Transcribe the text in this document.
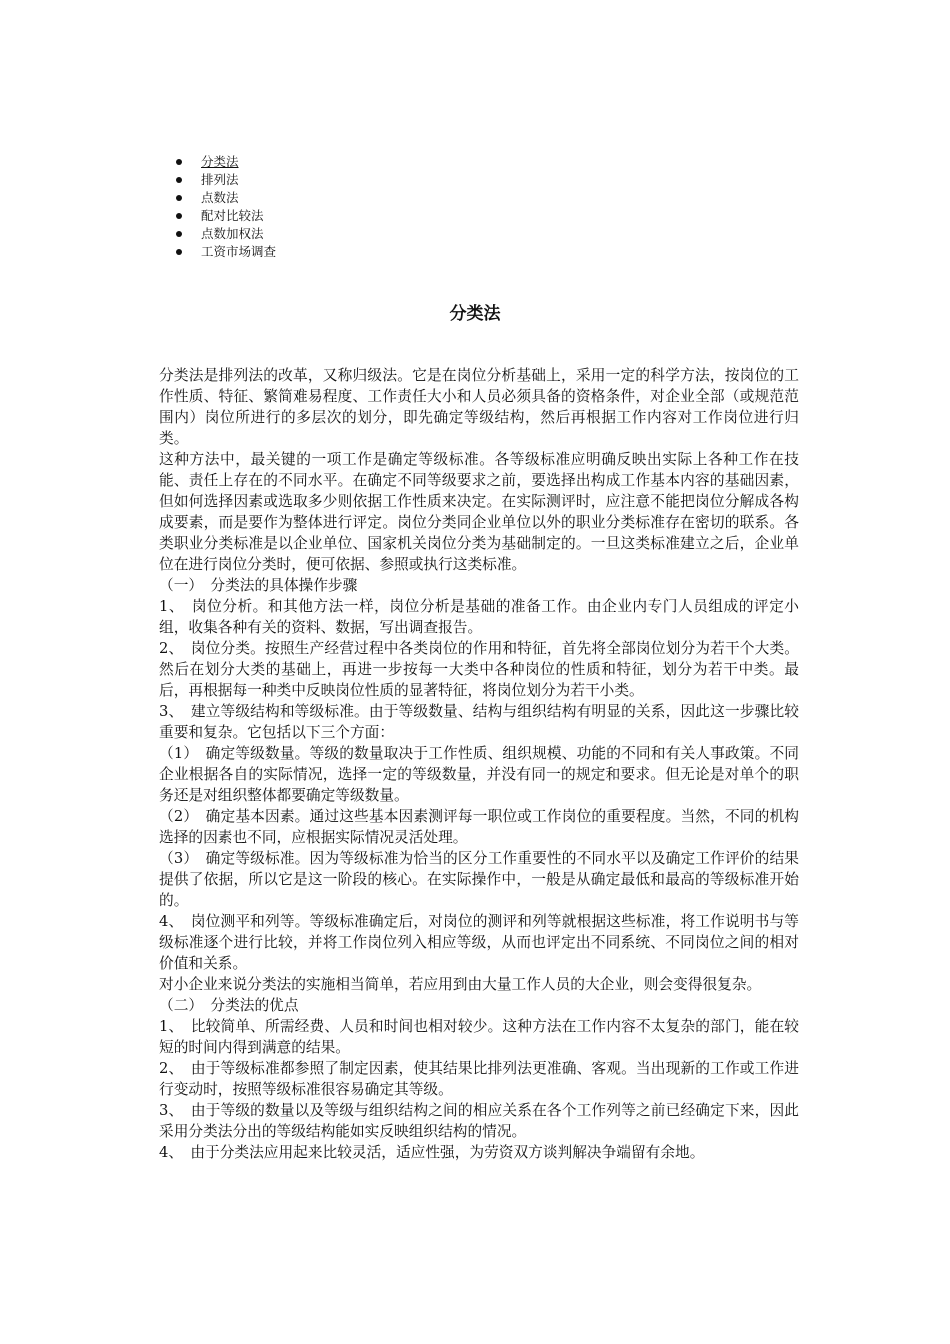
分类法
排列法
点数法
配对比较法
点数加权法
工资市场调查
分类法

分类法是排列法的改革，又称归级法。它是在岗位分析基础上，采用一定的科学方法，按岗位的工作性质、特征、繁简难易程度、工作责任大小和人员必须具备的资格条件，对企业全部（或规范范围内）岗位所进行的多层次的划分，即先确定等级结构，然后再根据工作内容对工作岗位进行归类。

这种方法中，最关键的一项工作是确定等级标准。各等级标准应明确反映出实际上各种工作在技能、责任上存在的不同水平。在确定不同等级要求之前，要选择出构成工作基本内容的基础因素，但如何选择因素或选取多少则依据工作性质来决定。在实际测评时，应注意不能把岗位分解成各构成要素，而是要作为整体进行评定。岗位分类同企业单位以外的职业分类标准存在密切的联系。各类职业分类标准是以企业单位、国家机关岗位分类为基础制定的。一旦这类标准建立之后，企业单位在进行岗位分类时，便可依据、参照或执行这类标准。

（一）　分类法的具体操作步骤

1、　岗位分析。和其他方法一样，岗位分析是基础的准备工作。由企业内专门人员组成的评定小组，收集各种有关的资料、数据，写出调查报告。

2、　岗位分类。按照生产经营过程中各类岗位的作用和特征，首先将全部岗位划分为若干个大类。然后在划分大类的基础上，再进一步按每一大类中各种岗位的性质和特征，划分为若干中类。最后，再根据每一种类中反映岗位性质的显著特征，将岗位划分为若干小类。

3、　建立等级结构和等级标准。由于等级数量、结构与组织结构有明显的关系，因此这一步骤比较重要和复杂。它包括以下三个方面：

（1）　确定等级数量。等级的数量取决于工作性质、组织规模、功能的不同和有关人事政策。不同企业根据各自的实际情况，选择一定的等级数量，并没有同一的规定和要求。但无论是对单个的职务还是对组织整体都要确定等级数量。

（2）　确定基本因素。通过这些基本因素测评每一职位或工作岗位的重要程度。当然，不同的机构选择的因素也不同，应根据实际情况灵活处理。

（3）　确定等级标准。因为等级标准为恰当的区分工作重要性的不同水平以及确定工作评价的结果提供了依据，所以它是这一阶段的核心。在实际操作中，一般是从确定最低和最高的等级标准开始的。

4、　岗位测平和列等。等级标准确定后，对岗位的测评和列等就根据这些标准，将工作说明书与等级标准逐个进行比较，并将工作岗位列入相应等级，从而也评定出不同系统、不同岗位之间的相对价值和关系。

对小企业来说分类法的实施相当简单，若应用到由大量工作人员的大企业，则会变得很复杂。

（二）　分类法的优点

1、　比较简单、所需经费、人员和时间也相对较少。这种方法在工作内容不太复杂的部门，能在较短的时间内得到满意的结果。

2、　由于等级标准都参照了制定因素，使其结果比排列法更准确、客观。当出现新的工作或工作进行变动时，按照等级标准很容易确定其等级。

3、　由于等级的数量以及等级与组织结构之间的相应关系在各个工作列等之前已经确定下来，因此采用分类法分出的等级结构能如实反映组织结构的情况。

4、　由于分类法应用起来比较灵活，适应性强，为劳资双方谈判解决争端留有余地。
